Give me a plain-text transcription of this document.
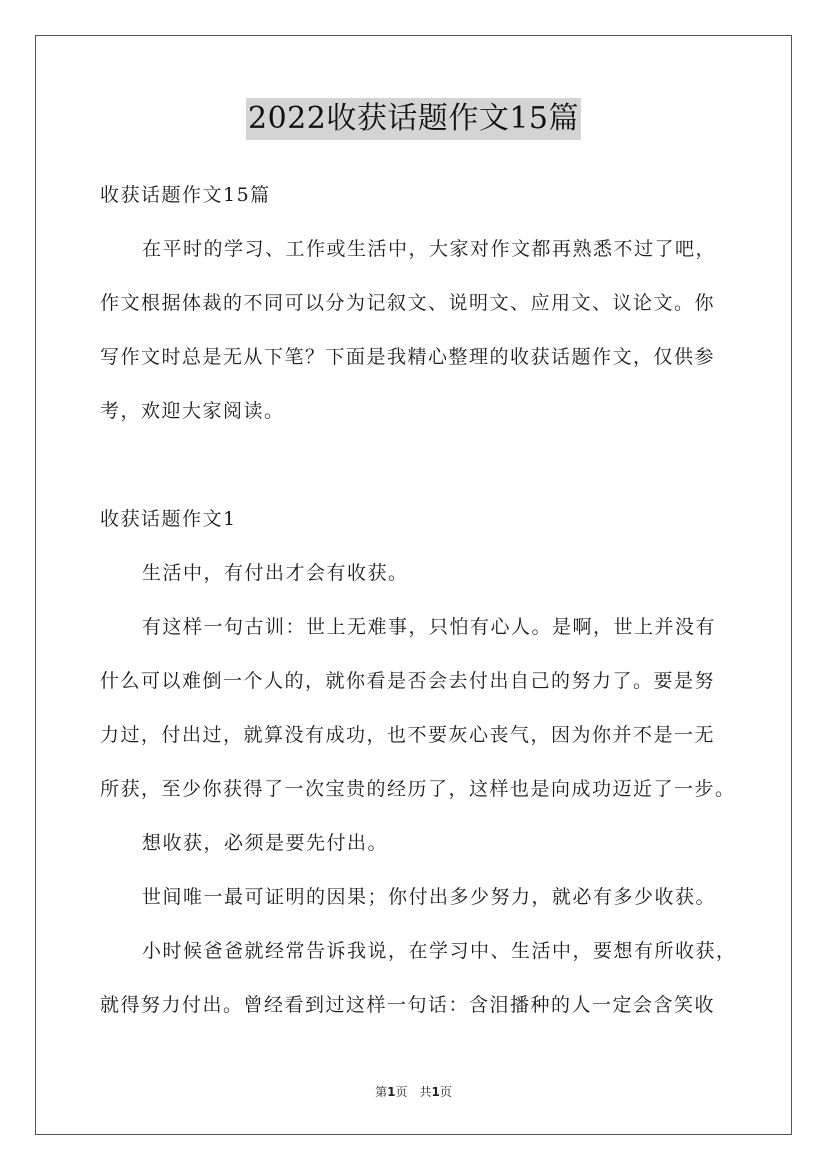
2022收获话题作文15篇
收获话题作文15篇
在平时的学习、工作或生活中，大家对作文都再熟悉不过了吧，
作文根据体裁的不同可以分为记叙文、说明文、应用文、议论文。你
写作文时总是无从下笔？下面是我精心整理的收获话题作文，仅供参
考，欢迎大家阅读。
收获话题作文1
生活中，有付出才会有收获。
有这样一句古训：世上无难事，只怕有心人。是啊，世上并没有
什么可以难倒一个人的，就你看是否会去付出自己的努力了。要是努
力过，付出过，就算没有成功，也不要灰心丧气，因为你并不是一无
所获，至少你获得了一次宝贵的经历了，这样也是向成功迈近了一步。
想收获，必须是要先付出。
世间唯一最可证明的因果；你付出多少努力，就必有多少收获。
小时候爸爸就经常告诉我说，在学习中、生活中，要想有所收获，
就得努力付出。曾经看到过这样一句话：含泪播种的人一定会含笑收
第1页 共1页
